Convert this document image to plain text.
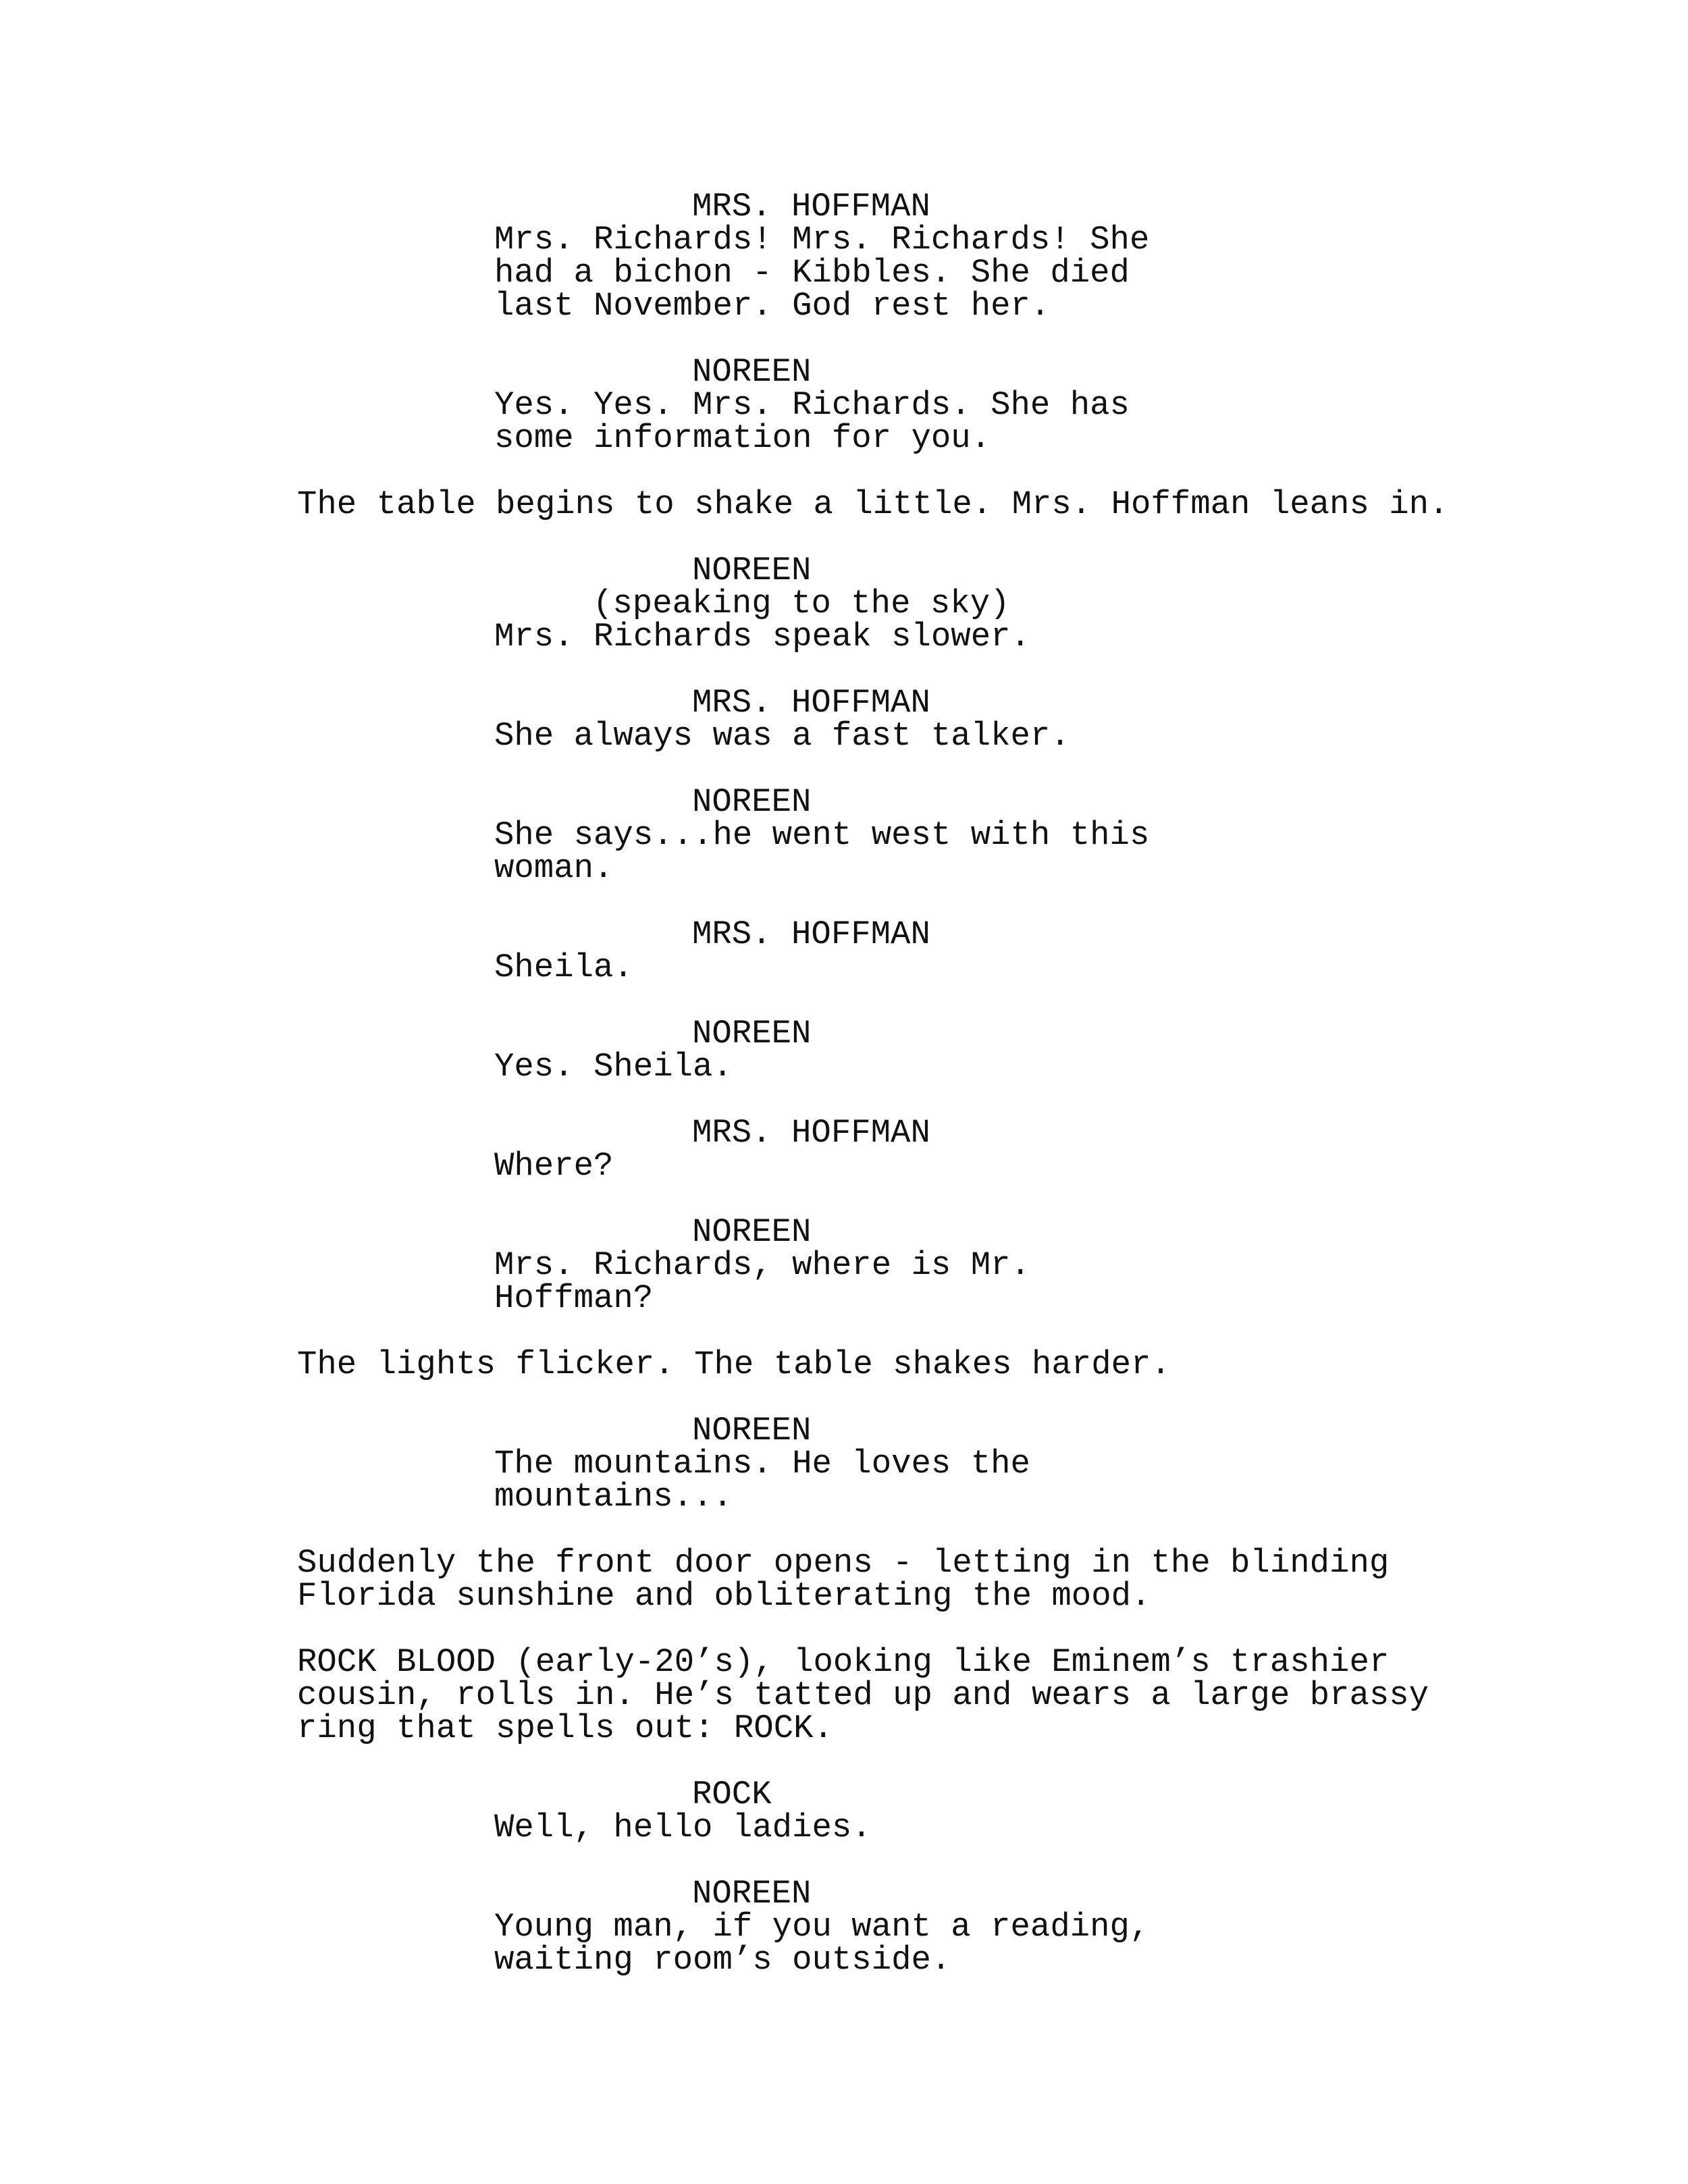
MRS. HOFFMAN
Mrs. Richards! Mrs. Richards! She
had a bichon - Kibbles. She died
last November. God rest her.
NOREEN
Yes. Yes. Mrs. Richards. She has
some information for you.
The table begins to shake a little. Mrs. Hoffman leans in.
NOREEN
(speaking to the sky)
Mrs. Richards speak slower.
MRS. HOFFMAN
She always was a fast talker.
NOREEN
She says...he went west with this
woman.
MRS. HOFFMAN
Sheila.
NOREEN
Yes. Sheila.
MRS. HOFFMAN
Where?
NOREEN
Mrs. Richards, where is Mr.
Hoffman?
The lights flicker. The table shakes harder.
NOREEN
The mountains. He loves the
mountains...
Suddenly the front door opens - letting in the blinding
Florida sunshine and obliterating the mood.
ROCK BLOOD (early-20’s), looking like Eminem’s trashier
cousin, rolls in. He’s tatted up and wears a large brassy
ring that spells out: ROCK.
ROCK
Well, hello ladies.
NOREEN
Young man, if you want a reading,
waiting room’s outside.
